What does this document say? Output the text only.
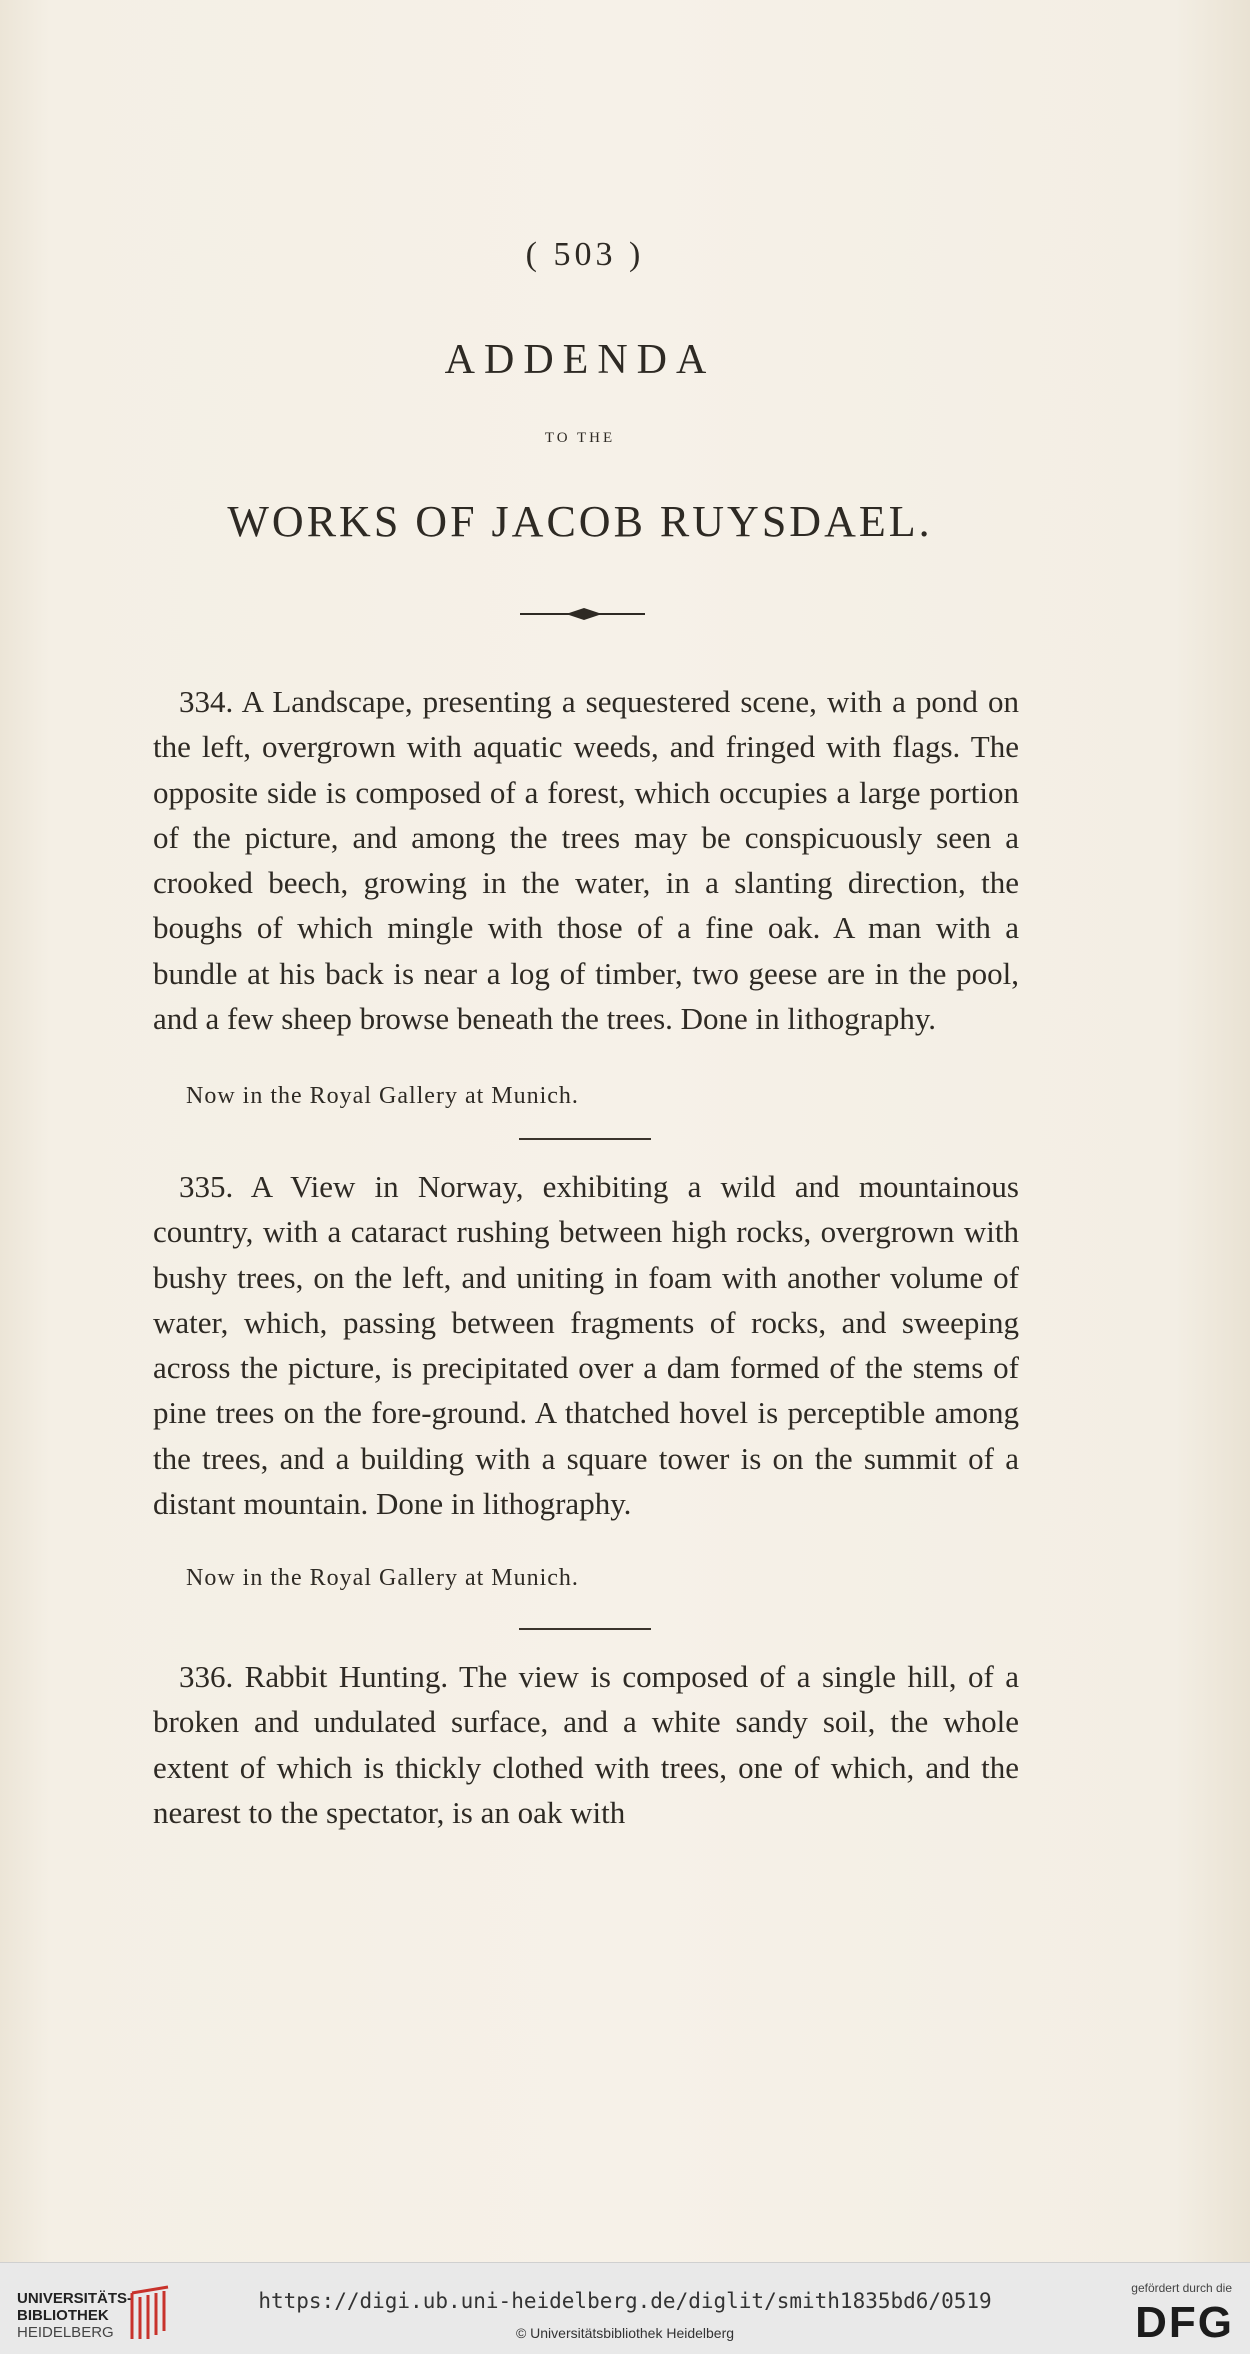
( 503 )
ADDENDA
TO THE
WORKS OF JACOB RUYSDAEL.

334. A Landscape, presenting a sequestered scene, with a pond on the left, overgrown with aquatic weeds, and fringed with flags. The opposite side is composed of a forest, which occupies a large portion of the picture, and among the trees may be conspicuously seen a crooked beech, growing in the water, in a slanting direction, the boughs of which mingle with those of a fine oak. A man with a bundle at his back is near a log of timber, two geese are in the pool, and a few sheep browse beneath the trees. Done in lithography.

Now in the Royal Gallery at Munich.

335. A View in Norway, exhibiting a wild and mountainous country, with a cataract rushing between high rocks, overgrown with bushy trees, on the left, and uniting in foam with another volume of water, which, passing between fragments of rocks, and sweeping across the picture, is precipitated over a dam formed of the stems of pine trees on the fore-ground. A thatched hovel is perceptible among the trees, and a building with a square tower is on the summit of a distant mountain. Done in lithography.

Now in the Royal Gallery at Munich.

336. Rabbit Hunting. The view is composed of a single hill, of a broken and undulated surface, and a white sandy soil, the whole extent of which is thickly clothed with trees, one of which, and the nearest to the spectator, is an oak with

UNIVERSITÄTS-
BIBLIOTHEK
HEIDELBERG
https://digi.ub.uni-heidelberg.de/diglit/smith1835bd6/0519
© Universitätsbibliothek Heidelberg
gefördert durch die
DFG
